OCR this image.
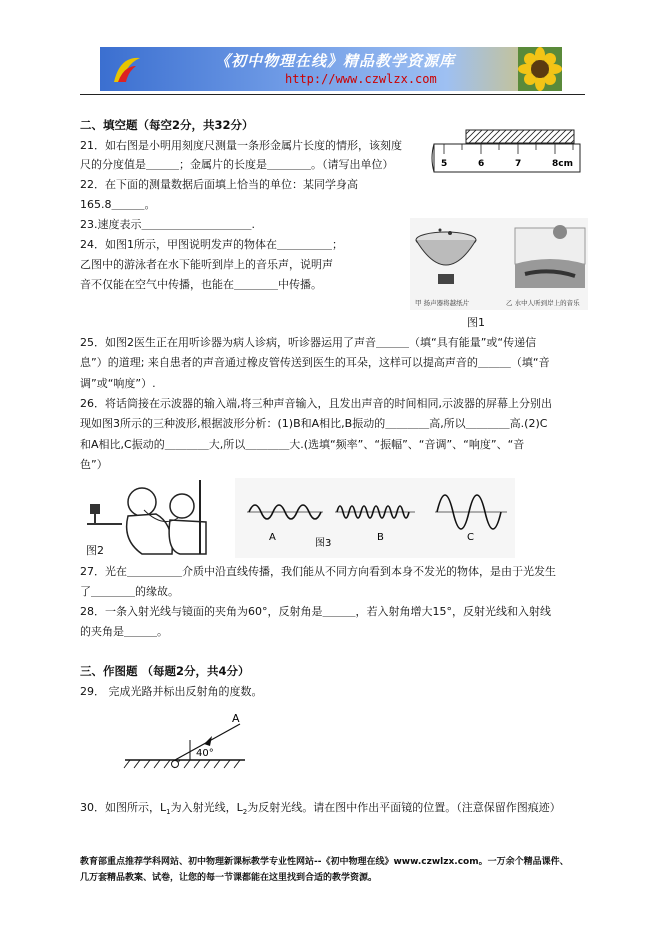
《初中物理在线》精品教学资源库
http://www.czwlzx.com
二、填空题（每空2分，共32分）
21．如右图是小明用刻度尺测量一条形金属片长度的情形，该刻度
尺的分度值是＿＿＿；金属片的长度是＿＿＿＿。（请写出单位）
22．在下面的测量数据后面填上恰当的单位：某同学身高
165.8＿＿＿。
23.速度表示＿＿＿＿＿＿＿＿＿＿.
24．如图1所示，甲图说明发声的物体在＿＿＿＿＿；
乙图中的游泳者在水下能听到岸上的音乐声，说明声
音不仅能在空气中传播，也能在＿＿＿＿中传播。
5	6	7	8cm
甲 扬声器将越纸片	乙 水中人听到岸上的音乐
图1
25．如图2医生正在用听诊器为病人诊病，听诊器运用了声音＿＿＿（填“具有能量”或“传递信
息”）的道理; 来自患者的声音通过橡皮管传送到医生的耳朵，这样可以提高声音的＿＿＿（填“音
调”或“响度”）.
26．将话筒接在示波器的输入端,将三种声音输入，且发出声音的时间相同,示波器的屏幕上分别出
现如图3所示的三种波形,根据波形分析：(1)B和A相比,B振动的＿＿＿＿高,所以＿＿＿＿高.(2)C
和A相比,C振动的＿＿＿＿大,所以＿＿＿＿大.(选填“频率”、“振幅”、“音调”、“响度”、“音
色”）
图2
A
图3
B	C
27．光在＿＿＿＿＿介质中沿直线传播，我们能从不同方向看到本身不发光的物体，是由于光发生
了＿＿＿＿的缘故。
28．一条入射光线与镜面的夹角为60°，反射角是＿＿＿，若入射角增大15°，反射光线和入射线
的夹角是＿＿＿。
三、作图题 （每题2分，共4分）
29． 完成光路并标出反射角的度数。
A
40°
30．如图所示，$L_1$为入射光线，$L_2$为反射光线。请在图中作出平面镜的位置。（注意保留作图痕迹）
教育部重点推荐学科网站、初中物理新课标教学专业性网站--《初中物理在线》www.czwlzx.com。一万余个精品课件、
几万套精品教案、试卷，让您的每一节课都能在这里找到合适的教学资源。
